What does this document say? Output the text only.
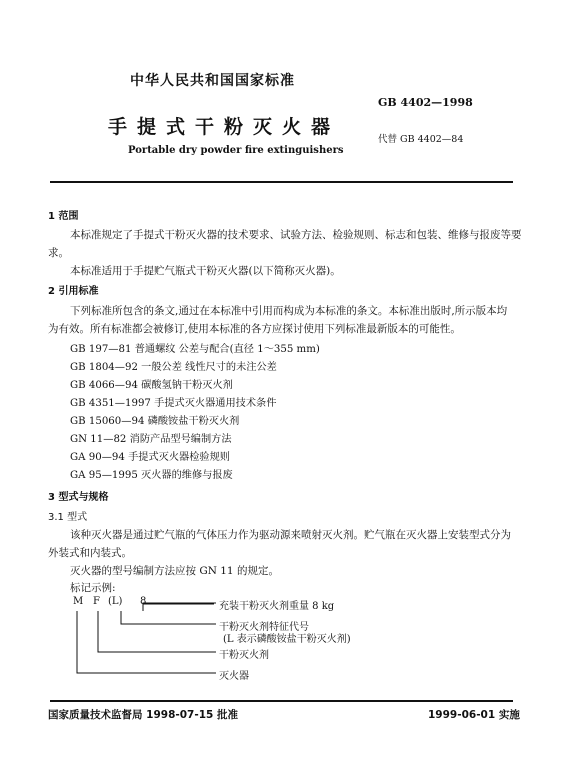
中华人民共和国国家标准
GB 4402—1998
手提式干粉灭火器
代替 GB 4402—84
Portable dry powder fire extinguishers
1 范围
本标准规定了手提式干粉灭火器的技术要求、试验方法、检验规则、标志和包装、维修与报废等要
求。
本标准适用于手提贮气瓶式干粉灭火器(以下简称灭火器)。
2 引用标准
下列标准所包含的条文,通过在本标准中引用而构成为本标准的条文。本标准出版时,所示版本均
为有效。所有标准都会被修订,使用本标准的各方应探讨使用下列标准最新版本的可能性。
GB 197—81 普通螺纹 公差与配合(直径 1～355 mm)
GB 1804—92 一般公差 线性尺寸的未注公差
GB 4066—94 碳酸氢钠干粉灭火剂
GB 4351—1997 手提式灭火器通用技术条件
GB 15060—94 磷酸铵盐干粉灭火剂
GN 11—82 消防产品型号编制方法
GA 90—94 手提式灭火器检验规则
GA 95—1995 灭火器的维修与报废
3 型式与规格
3.1 型式
该种灭火器是通过贮气瓶的气体压力作为驱动源来喷射灭火剂。贮气瓶在灭火器上安装型式分为
外装式和内装式。
灭火器的型号编制方法应按 GN 11 的规定。
标记示例:
M F (L) 8	充装干粉灭火剂重量 8 kg
干粉灭火剂特征代号
(L 表示磷酸铵盐干粉灭火剂)
干粉灭火剂
灭火器
国家质量技术监督局 1998-07-15 批准	1999-06-01 实施
